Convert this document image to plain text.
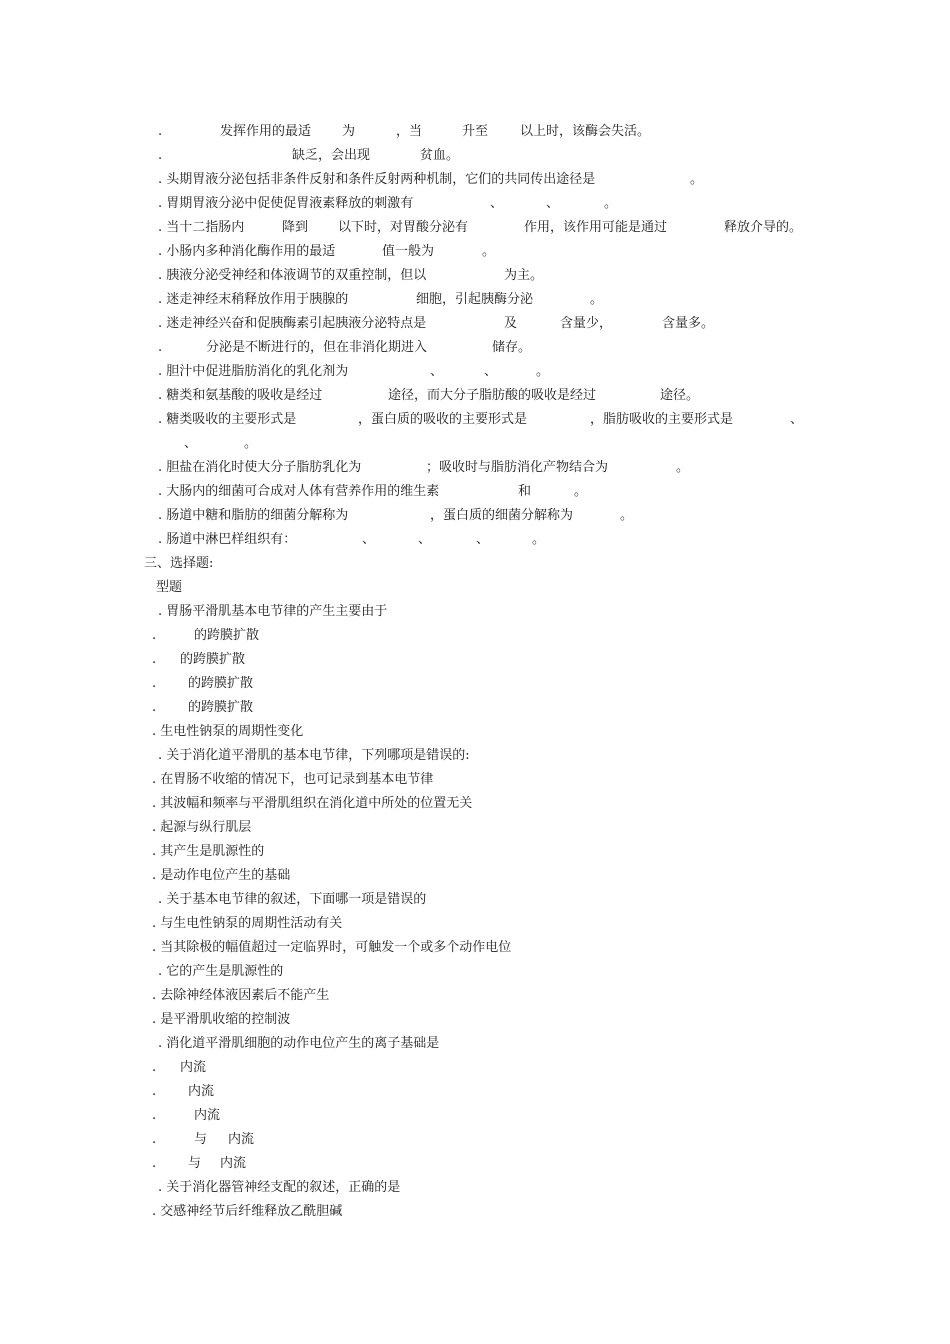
.

	发挥作用的最适

为

	，当

	升至

以上时，该酶会失活。

.

	缺乏，会出现

	贫血。

. 头期胃液分泌包括非条件反射和条件反射两种机制，它们的共同传出途径是

	。

. 胃期胃液分泌中促使促胃液素释放的刺激有

	、

	、

	。

. 当十二指肠内

	降到

以下时，对胃酸分泌有

	作用，该作用可能是通过

	释放介导的。

. 小肠内多种消化酶作用的最适

	值一般为

	。

. 胰液分泌受神经和体液调节的双重控制，但以

	为主。

. 迷走神经末稍释放作用于胰腺的

	细胞，引起胰酶分泌

	。

. 迷走神经兴奋和促胰酶素引起胰液分泌特点是

	及

	含量少，

	含量多。

.

	分泌是不断进行的，但在非消化期进入

	储存。

. 胆汁中促进脂肪消化的乳化剂为

	、

	、

	。

. 糖类和氨基酸的吸收是经过

	途径，而大分子脂肪酸的吸收是经过

	途径。

. 糖类吸收的主要形式是

	，蛋白质的吸收的主要形式是

	，脂肪吸收的主要形式是

	、

、

	。

. 胆盐在消化时使大分子脂肪乳化为

	；吸收时与脂肪消化产物结合为

	。

. 大肠内的细菌可合成对人体有营养作用的维生素

	和

	。

. 肠道中糖和脂肪的细菌分解称为

	，蛋白质的细菌分解称为

	。

. 肠道中淋巴样组织有：

	、

	、

	、

	。

三、选择题:
型题

. 胃肠平滑肌基本电节律的产生主要由于

.

	的跨膜扩散

.

的跨膜扩散

.

的跨膜扩散

.

的跨膜扩散

. 生电性钠泵的周期性变化

. 关于消化道平滑肌的基本电节律，下列哪项是错误的:

. 在胃肠不收缩的情况下，也可记录到基本电节律

. 其波幅和频率与平滑肌组织在消化道中所处的位置无关

. 起源与纵行肌层

. 其产生是肌源性的

. 是动作电位产生的基础

. 关于基本电节律的叙述，下面哪一项是错误的

. 与生电性钠泵的周期性活动有关

. 当其除极的幅值超过一定临界时，可触发一个或多个动作电位

. 它的产生是肌源性的

. 去除神经体液因素后不能产生

. 是平滑肌收缩的控制波

. 消化道平滑肌细胞的动作电位产生的离子基础是

.

内流

.

内流

.

	内流

.

	与

内流

.

与

内流

. 关于消化器管神经支配的叙述，正确的是

. 交感神经节后纤维释放乙酰胆碱
